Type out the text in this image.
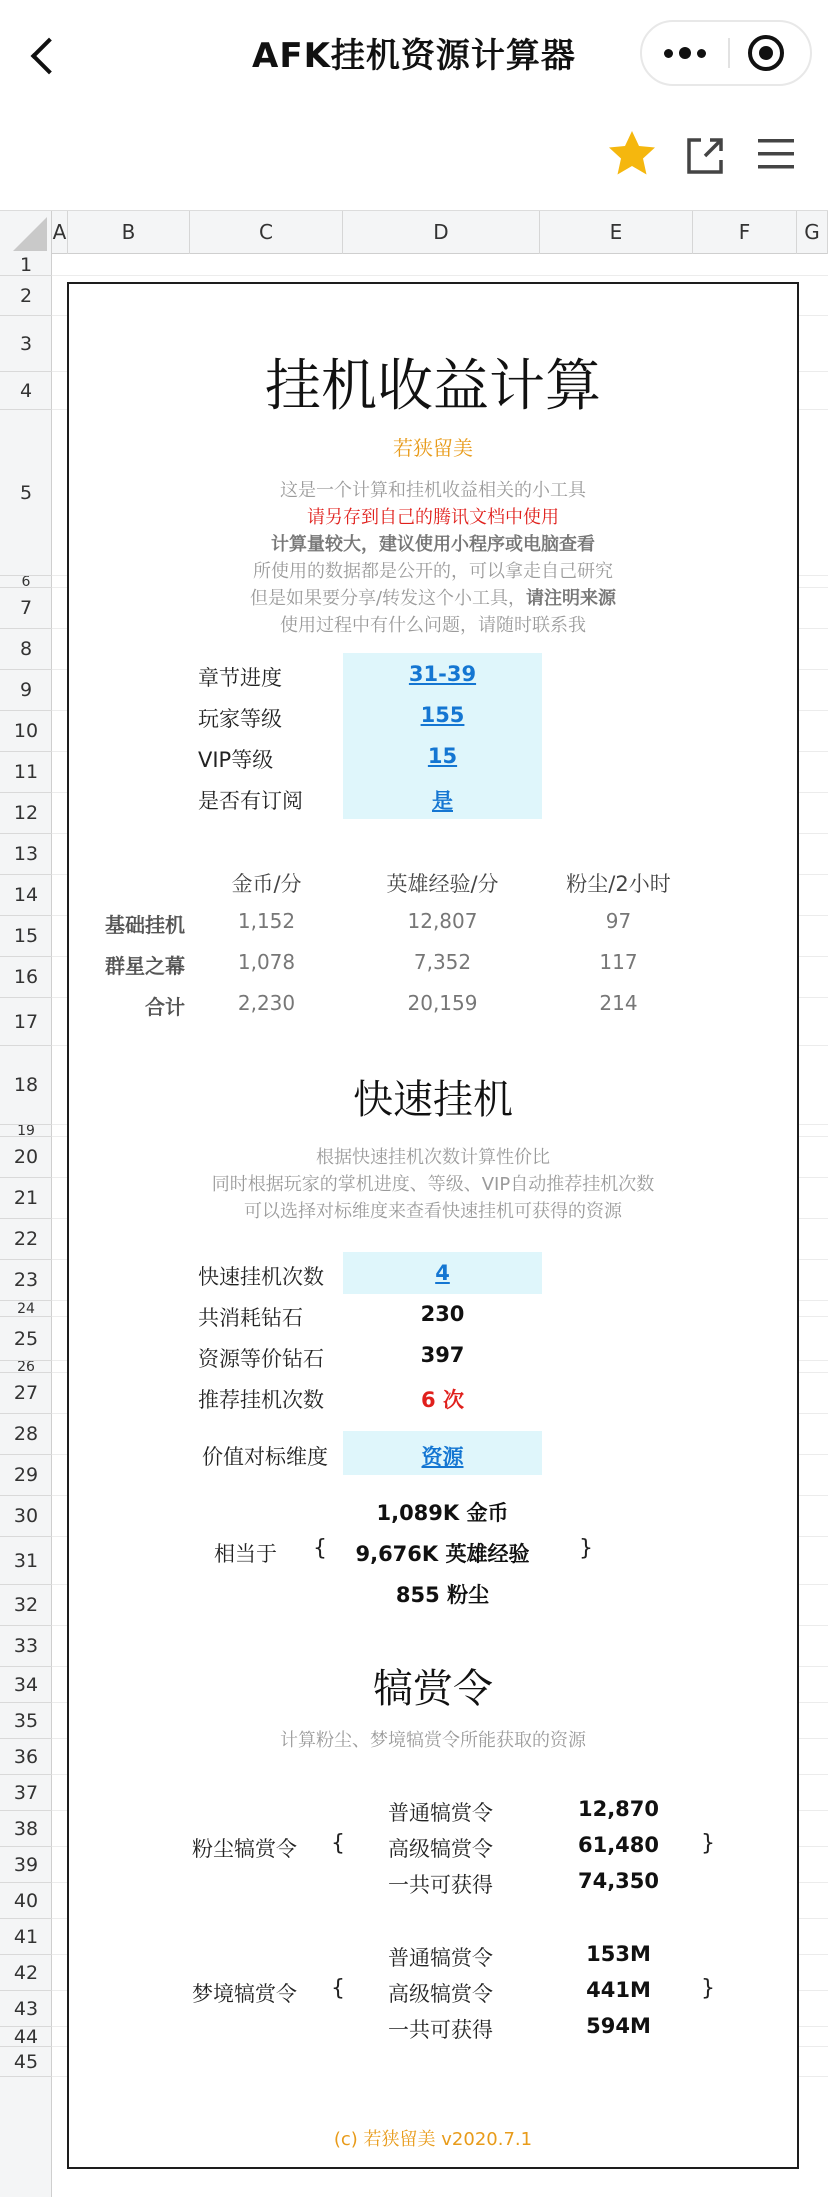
AFK挂机资源计算器
A	B	C	D	E	F	G
1
2
3
4
5
6
7
8
9
10
11
12
13
14
15
16
17
18
19
20
21
22
23
24
25
26
27
28
29
30
31
32
33
34
35
36
37
38
39
40
41
42
43
44
45
挂机收益计算
若狭留美
这是一个计算和挂机收益相关的小工具
请另存到自己的腾讯文档中使用
计算量较大，建议使用小程序或电脑查看
所使用的数据都是公开的，可以拿走自己研究
但是如果要分享/转发这个小工具，请注明来源
使用过程中有什么问题，请随时联系我
章节进度	31-39
玩家等级	155
VIP等级	15
是否有订阅	是
金币/分	英雄经验/分	粉尘/2小时
基础挂机	1,152	12,807	97
群星之幕	1,078	7,352	117
合计	2,230	20,159	214
快速挂机
根据快速挂机次数计算性价比
同时根据玩家的掌机进度、等级、VIP自动推荐挂机次数
可以选择对标维度来查看快速挂机可获得的资源
快速挂机次数	4
共消耗钻石	230
资源等价钻石	397
推荐挂机次数	6 次
价值对标维度	资源
1,089K 金币
相当于 {	9,676K 英雄经验	}
855 粉尘
犒赏令
计算粉尘、梦境犒赏令所能获取的资源
粉尘犒赏令 {
普通犒赏令	12,870
高级犒赏令	61,480	}
一共可获得	74,350
梦境犒赏令 {
普通犒赏令	153M
高级犒赏令	441M	}
一共可获得	594M
(c) 若狭留美 v2020.7.1
